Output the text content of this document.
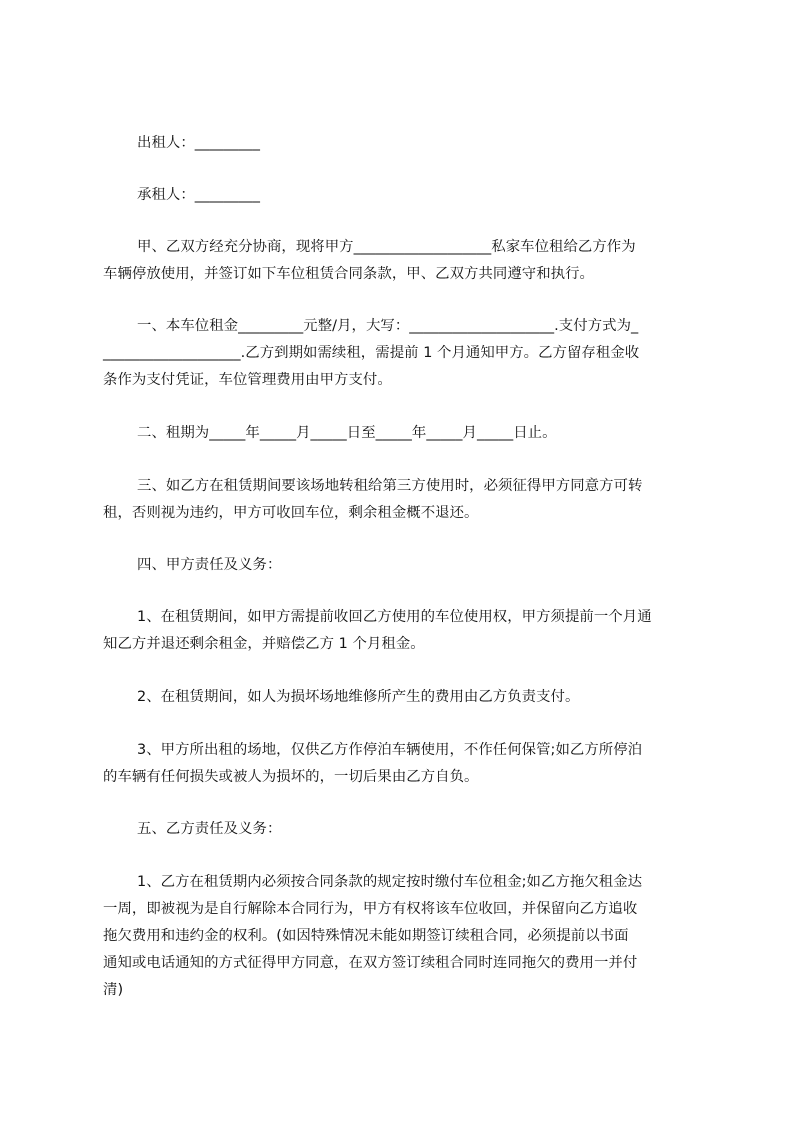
出租人：_________
承租人：_________
甲、乙双方经充分协商，现将甲方___________________私家车位租给乙方作为
车辆停放使用，并签订如下车位租赁合同条款，甲、乙双方共同遵守和执行。
一、本车位租金_________元整/月，大写：____________________.支付方式为_
___________________.乙方到期如需续租，需提前 1 个月通知甲方。乙方留存租金收
条作为支付凭证，车位管理费用由甲方支付。
二、租期为_____年_____月_____日至_____年_____月_____日止。
三、如乙方在租赁期间要该场地转租给第三方使用时，必须征得甲方同意方可转
租，否则视为违约，甲方可收回车位，剩余租金概不退还。
四、甲方责任及义务：
1、在租赁期间，如甲方需提前收回乙方使用的车位使用权，甲方须提前一个月通
知乙方并退还剩余租金，并赔偿乙方 1 个月租金。
2、在租赁期间，如人为损坏场地维修所产生的费用由乙方负责支付。
3、甲方所出租的场地，仅供乙方作停泊车辆使用，不作任何保管;如乙方所停泊
的车辆有任何损失或被人为损坏的，一切后果由乙方自负。
五、乙方责任及义务：
1、乙方在租赁期内必须按合同条款的规定按时缴付车位租金;如乙方拖欠租金达
一周，即被视为是自行解除本合同行为，甲方有权将该车位收回，并保留向乙方追收
拖欠费用和违约金的权利。(如因特殊情况未能如期签订续租合同，必须提前以书面
通知或电话通知的方式征得甲方同意，在双方签订续租合同时连同拖欠的费用一并付
清)
